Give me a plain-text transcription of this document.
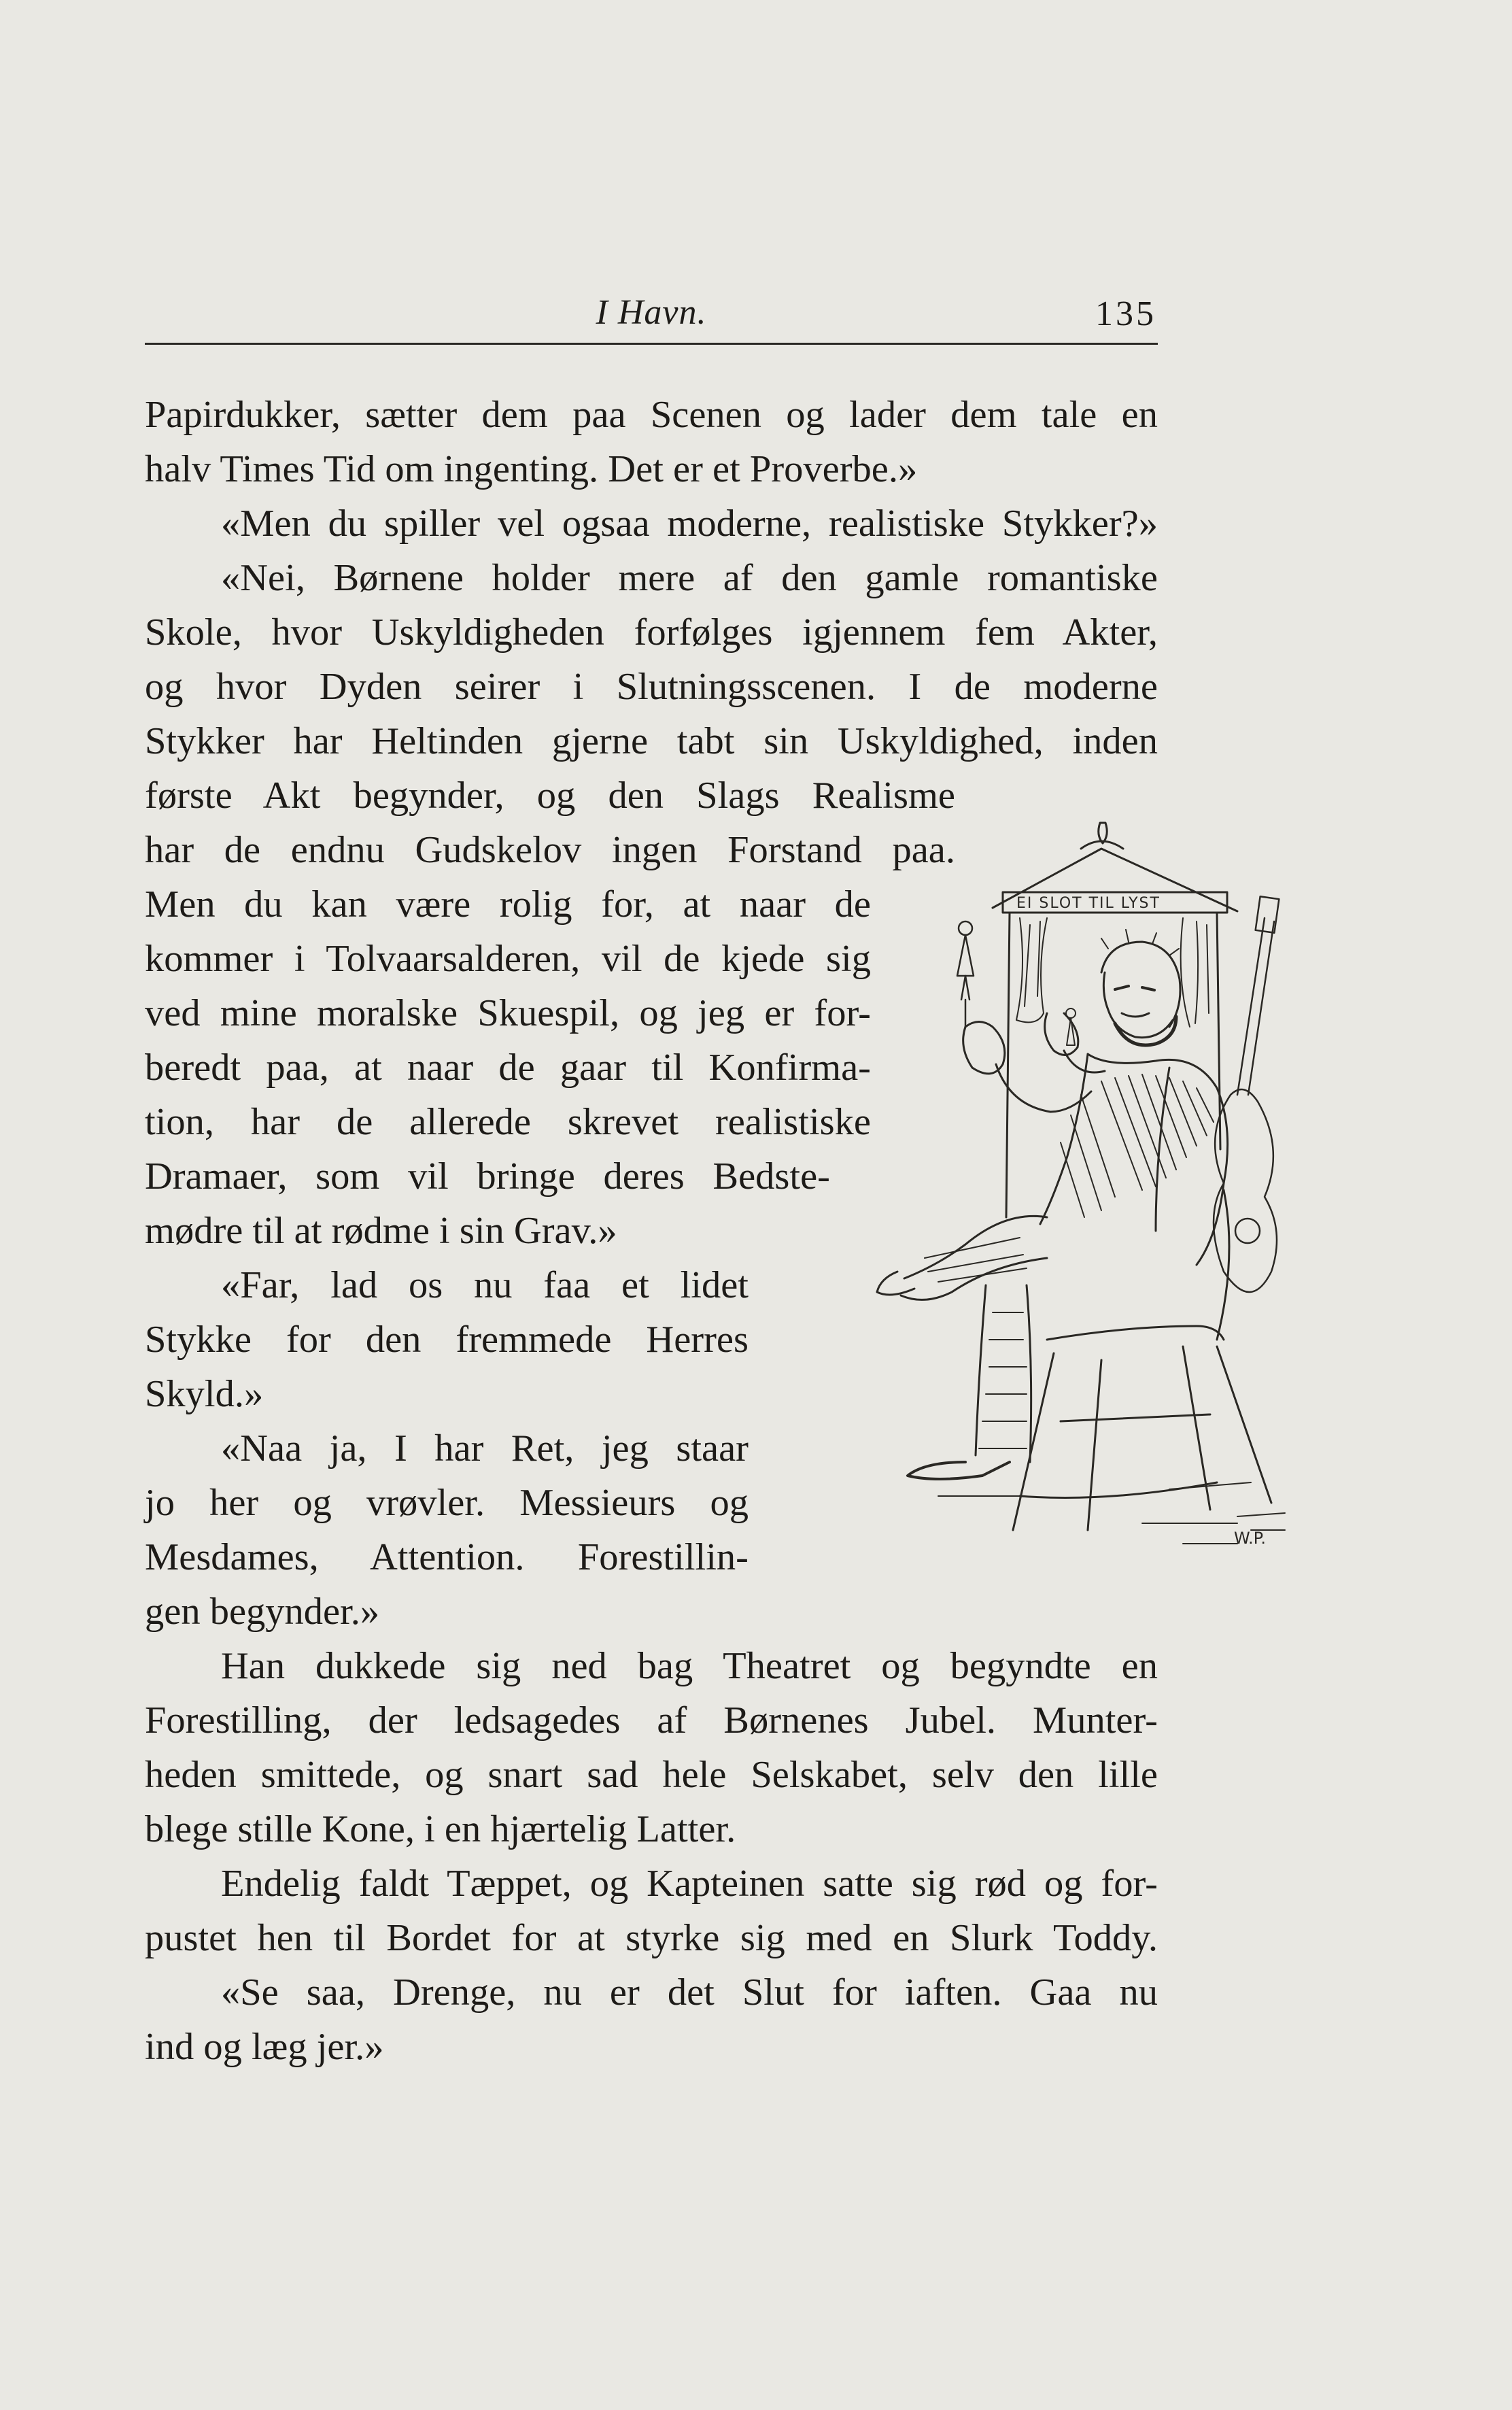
I Havn.	135
Papirdukker, sætter dem paa Scenen og lader dem tale en
halv Times Tid om ingenting. Det er et Proverbe.»
«Men du spiller vel ogsaa moderne, realistiske Stykker?»
«Nei, Børnene holder mere af den gamle romantiske
Skole, hvor Uskyldigheden forfølges igjennem fem Akter,
og hvor Dyden seirer i Slutningsscenen. I de moderne
Stykker har Heltinden gjerne tabt sin Uskyldighed, inden
første Akt begynder, og den Slags Realisme
har de endnu Gudskelov ingen Forstand paa.
Men du kan være rolig for, at naar de
kommer i Tolvaarsalderen, vil de kjede sig
ved mine moralske Skuespil, og jeg er for-
beredt paa, at naar de gaar til Konfirma-
tion, har de allerede skrevet realistiske
Dramaer, som vil bringe deres Bedste-
mødre til at rødme i sin Grav.»
«Far, lad os nu faa et lidet
Stykke for den fremmede Herres
Skyld.»
«Naa ja, I har Ret, jeg staar
jo her og vrøvler. Messieurs og
Mesdames, Attention. Forestillin-
gen begynder.»
Han dukkede sig ned bag Theatret og begyndte en
Forestilling, der ledsagedes af Børnenes Jubel. Munter-
heden smittede, og snart sad hele Selskabet, selv den lille
blege stille Kone, i en hjærtelig Latter.
Endelig faldt Tæppet, og Kapteinen satte sig rød og for-
pustet hen til Bordet for at styrke sig med en Slurk Toddy.
«Se saa, Drenge, nu er det Slut for iaften. Gaa nu
ind og læg jer.»
EI SLOT TIL LYST
W.P.
